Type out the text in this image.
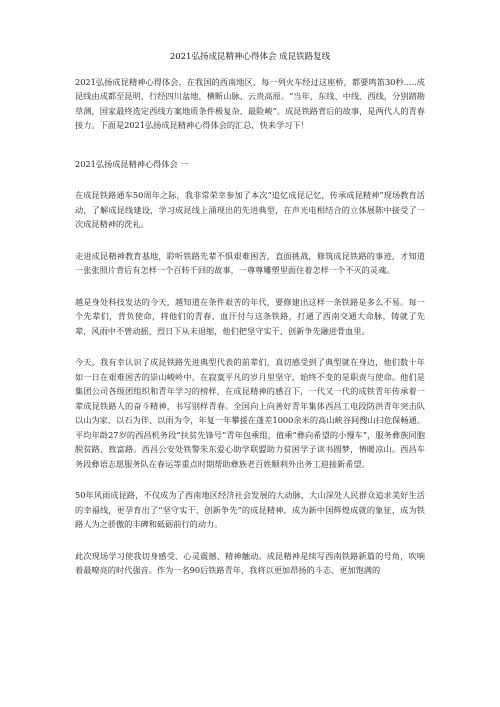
2021弘扬成昆精神心得体会 成昆铁路复线

2021弘扬成昆精神心得体会，在我国的西南地区，每一列火车经过这座桥，都要鸣笛30秒.....成昆线由成都至昆明，行经四川盆地，横断山脉、云贵高原。“当年，东线、中线、西线，分别踏勘草测，国家最终选定西线方案地质条件极复杂、最险峻”。成昆铁路背后的故事，是两代人的青春接力。下面是2021弘扬成昆精神心得体会的汇总，快来学习下！

2021弘扬成昆精神心得体会 一

在成昆铁路通车50周年之际，我非常荣幸参加了本次“追忆成昆记忆，传承成昆精神”现场教育活动，了解成昆线建设，学习成昆线上涌现出的先进典型，在声光电相结合的立体展陈中接受了一次成昆精神的洗礼。

走进成昆精神教育基地，聆听铁路先辈不惧艰难困苦，直面挑战，修筑成昆铁路的事迹，才知道一张张照片背后有怎样一个百转千回的故事，一尊尊雕塑里面住着怎样一个不灭的灵魂。

越是身处科技发达的今天，越知道在条件艰苦的年代，要修建出这样一条铁路是多么不易。每一个先辈们，背负使命，将他们的青春、血汗付与这条铁路，打通了西南交通大命脉，铸就了先辈，风雨中不曾动摇，烈日下从未退缩，他们把坚守实干、创新争先融进骨血里。

今天，我有幸认识了成昆铁路先进典型代表的前辈们，真切感受到了典型就在身边，他们数十年如一日在艰难困苦的崇山峻岭中，在寂寞平凡的岁月里坚守，始终不变的是职责与使命。他们是集团公司各级团组织和青年学习的榜样，在成昆精神的感召下，一代又一代的成铁青年传承着一辈成昆铁路人的奋斗精神，书写别样青春。全国向上向善好青年集体西昌工电段防洪青年突击队以山为家、以石为伴、以雨为令，年复一年攀援在蓬差1000余米的高山峡谷间搜山扫危保畅通。平均年龄27岁的西昌机务段“扶贫先锋号”青年包乘组，值乘“彝向希望的小慢车”，服务彝族同胞脱贫路、致富路。西昌公安处铁警朱东爱心助学联盟助力贫困学子读书圆梦，情暖凉山。西昌车务段彝语志愿服务队在春运等重点时期帮助彝族老百姓顺利外出务工迎接新希望。

50年风雨成昆路，不仅成为了西南地区经济社会发展的大动脉，大山深处人民群众追求美好生活的幸福线，更孕育出了“坚守实干、创新争先”的成昆精神，成为新中国辉煌成就的象征，成为铁路人为之骄傲的丰碑和砥砺前行的动力。

此次现场学习使我切身感受、心灵震撼、精神触动。成昆精神是续写西南铁路新篇的号角，吹响着最嘹亮的时代强音。作为一名90后铁路青年，我将以更加昂扬的斗志、更加饱满的
